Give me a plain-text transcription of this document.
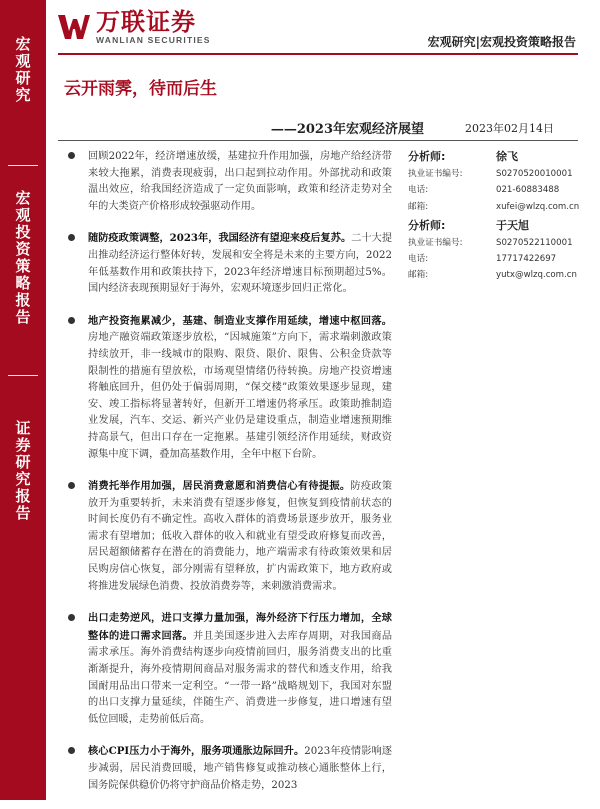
宏观研究
宏观投资策略报告
证券研究报告
万联证券
WANLIAN SECURITIES	宏观研究|宏观投资策略报告
云开雨霁，待而后生
——2023年宏观经济展望	2023年02月14日
回顾2022年，经济增速放缓，基建拉升作用加强，房地产给经济带来较大拖累，消费表现疲弱，出口起到拉动作用。外部扰动和政策温出效应，给我国经济造成了一定负面影响，政策和经济走势对全年的大类资产价格形成较强驱动作用。
随防疫政策调整，2023年，我国经济有望迎来疫后复苏。二十大提出推动经济运行整体好转，发展和安全将是未来的主要方向，2022年低基数作用和政策扶持下，2023年经济增速目标预期超过5%。国内经济表现预期显好于海外，宏观环境逐步回归正常化。
地产投资拖累减少，基建、制造业支撑作用延续，增速中枢回落。房地产融资端政策逐步放松，“因城施策”方向下，需求端刺激政策持续放开，非一线城市的限购、限贷、限价、限售、公积金贷款等限制性的措施有望放松，市场观望情绪仍待转换。房地产投资增速将触底回升，但仍处于偏弱周期，“保交楼”政策效果逐步显现，建安、竣工指标将显著转好，但新开工增速仍将承压。政策助推制造业发展，汽车、交运、新兴产业仍是建设重点，制造业增速预期维持高景气，但出口存在一定拖累。基建引领经济作用延续，财政资源集中度下调，叠加高基数作用，全年中枢下台阶。
消费托举作用加强，居民消费意愿和消费信心有待提振。防疫政策放开为重要转折，未来消费有望逐步修复，但恢复到疫情前状态的时间长度仍有不确定性。高收入群体的消费场景逐步放开，服务业需求有望增加；低收入群体的收入和就业有望受政府修复而改善，居民超额储蓄存在潜在的消费能力，地产端需求有待政策效果和居民购房信心恢复，部分刚需有望释放，扩内需政策下，地方政府或将推进发展绿色消费、投放消费券等，来刺激消费需求。
出口走势逆风，进口支撑力量加强，海外经济下行压力增加，全球整体的进口需求回落。并且美国逐步进入去库存周期，对我国商品需求承压。海外消费结构逐步向疫情前回归，服务消费支出的比重渐渐提升，海外疫情期间商品对服务需求的替代和透支作用，给我国耐用品出口带来一定利空。“一带一路”战略规划下，我国对东盟的出口支撑力量延续，伴随生产、消费进一步修复，进口增速有望低位回暖，走势前低后高。
核心CPI压力小于海外，服务项通胀边际回升。2023年疫情影响逐步减弱，居民消费回暖，地产销售修复或推动核心通胀整体上行，国务院保供稳价仍将守护商品价格走势，2023
分析师:	徐飞
执业证书编号:	S0270520010001
电话:	021-60883488
邮箱:	xufei@wlzq.com.cn
分析师:	于天旭
执业证书编号:	S0270522110001
电话:	17717422697
邮箱:	yutx@wlzq.com.cn
